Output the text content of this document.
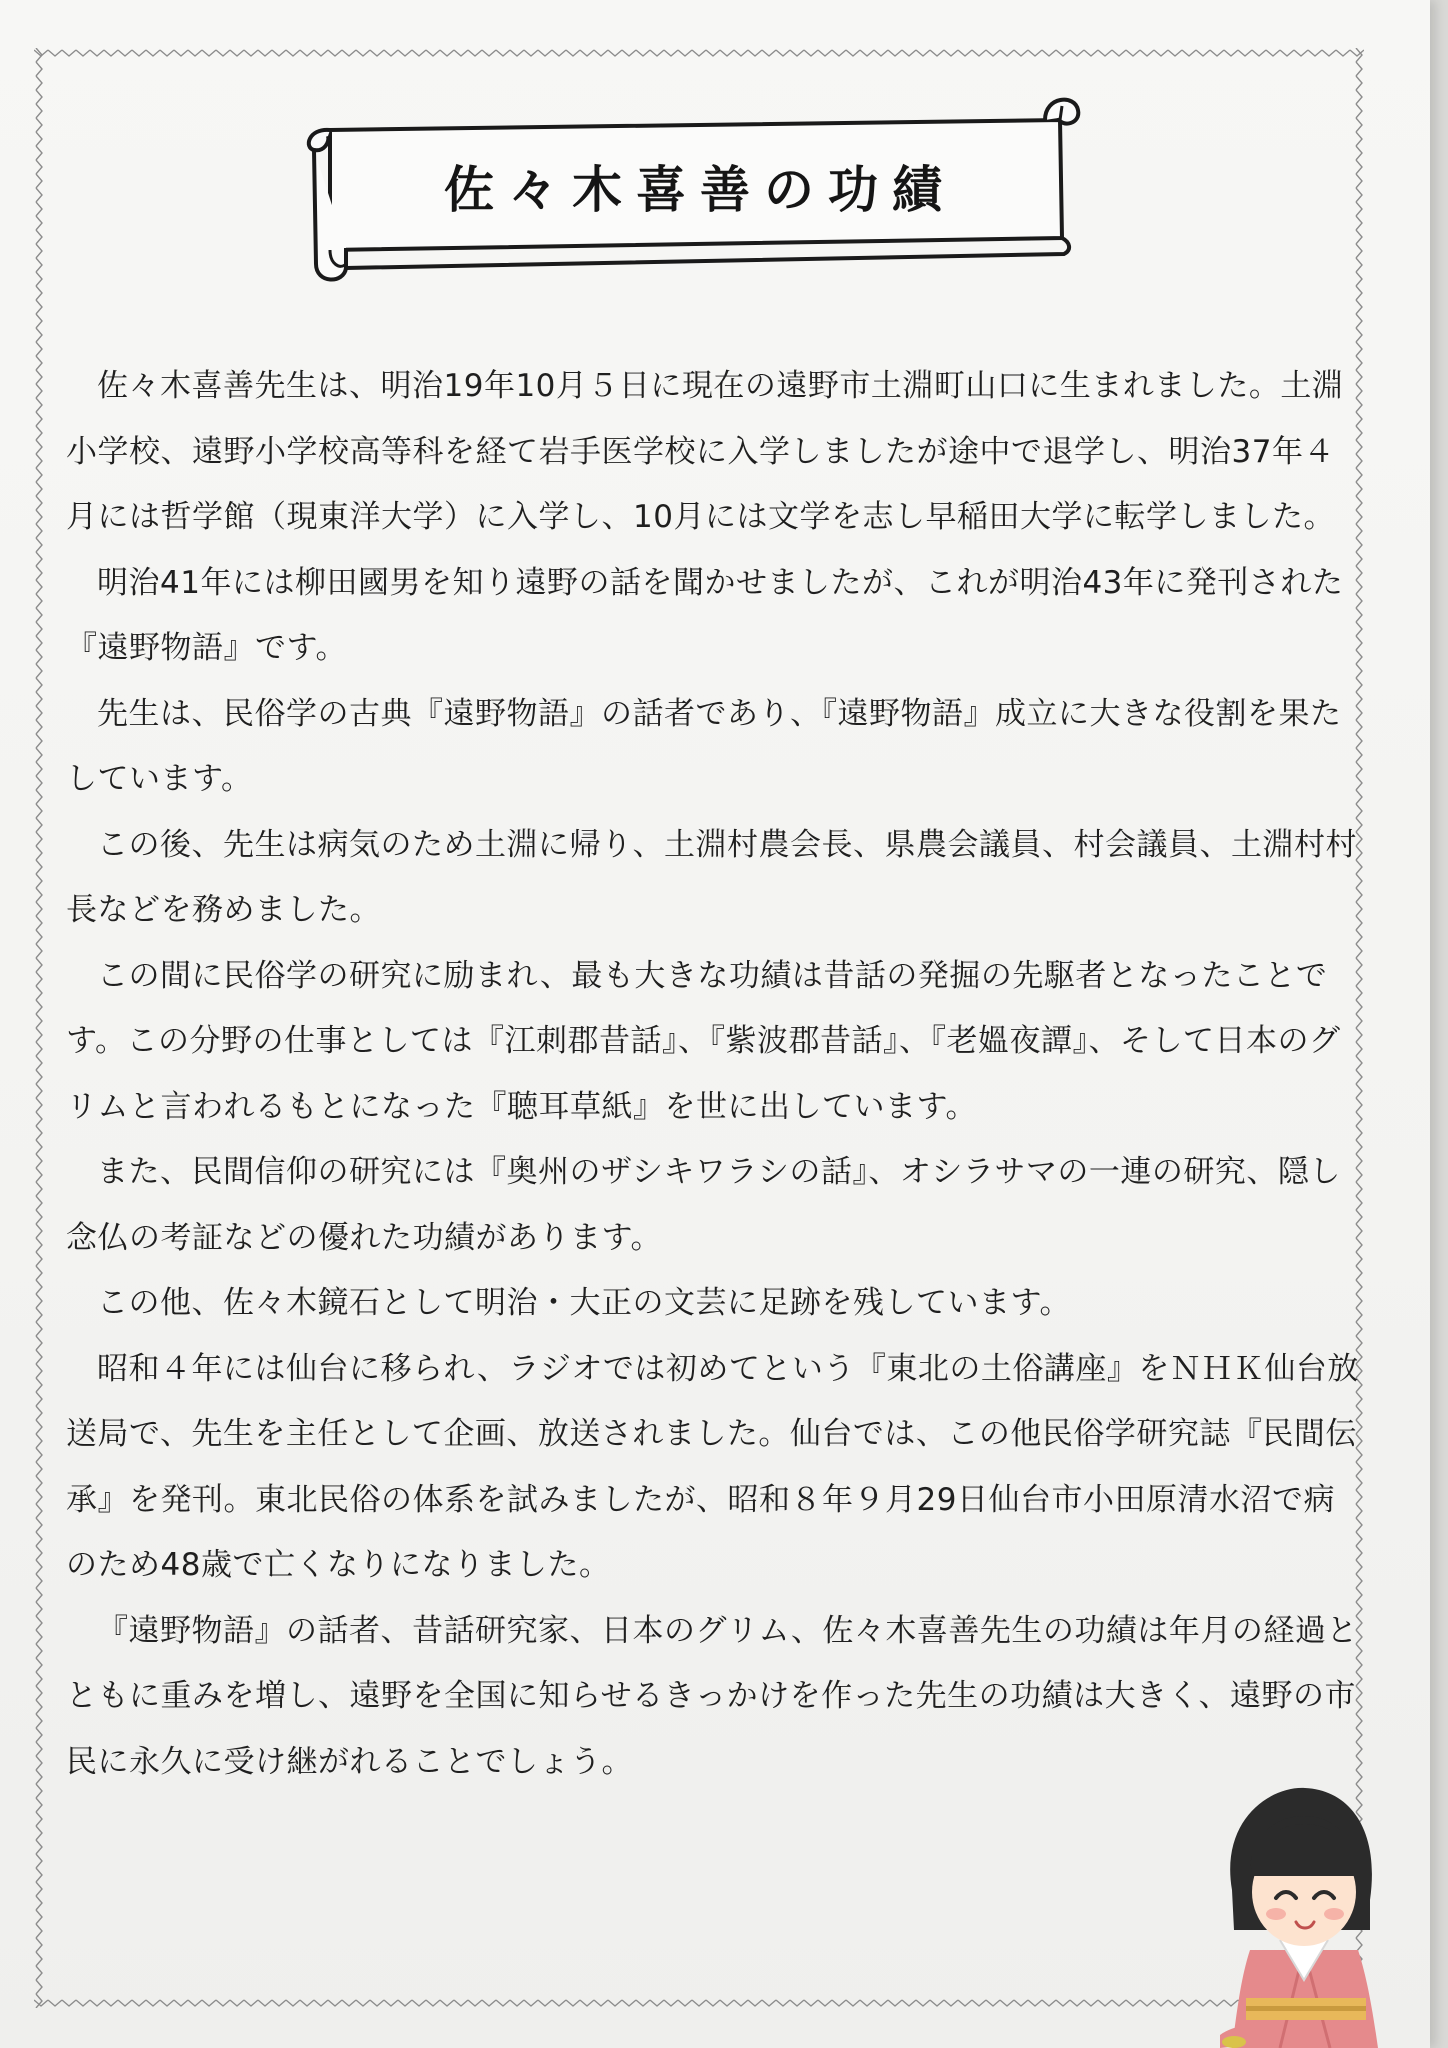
佐々木喜善の功績

佐々木喜善先生は、明治19年10月５日に現在の遠野市土淵町山口に生まれました。土淵小学校、遠野小学校高等科を経て岩手医学校に入学しましたが途中で退学し、明治37年４月には哲学館（現東洋大学）に入学し、10月には文学を志し早稲田大学に転学しました。

明治41年には柳田國男を知り遠野の話を聞かせましたが、これが明治43年に発刊された『遠野物語』です。

先生は、民俗学の古典『遠野物語』の話者であり、『遠野物語』成立に大きな役割を果たしています。

この後、先生は病気のため土淵に帰り、土淵村農会長、県農会議員、村会議員、土淵村村長などを務めました。

この間に民俗学の研究に励まれ、最も大きな功績は昔話の発掘の先駆者となったことです。この分野の仕事としては『江刺郡昔話』、『紫波郡昔話』、『老媼夜譚』、そして日本のグリムと言われるもとになった『聴耳草紙』を世に出しています。

また、民間信仰の研究には『奥州のザシキワラシの話』、オシラサマの一連の研究、隠し念仏の考証などの優れた功績があります。

この他、佐々木鏡石として明治・大正の文芸に足跡を残しています。

昭和４年には仙台に移られ、ラジオでは初めてという『東北の土俗講座』をＮＨＫ仙台放送局で、先生を主任として企画、放送されました。仙台では、この他民俗学研究誌『民間伝承』を発刊。東北民俗の体系を試みましたが、昭和８年９月29日仙台市小田原清水沼で病のため48歳で亡くなりになりました。

『遠野物語』の話者、昔話研究家、日本のグリム、佐々木喜善先生の功績は年月の経過とともに重みを増し、遠野を全国に知らせるきっかけを作った先生の功績は大きく、遠野の市民に永久に受け継がれることでしょう。
